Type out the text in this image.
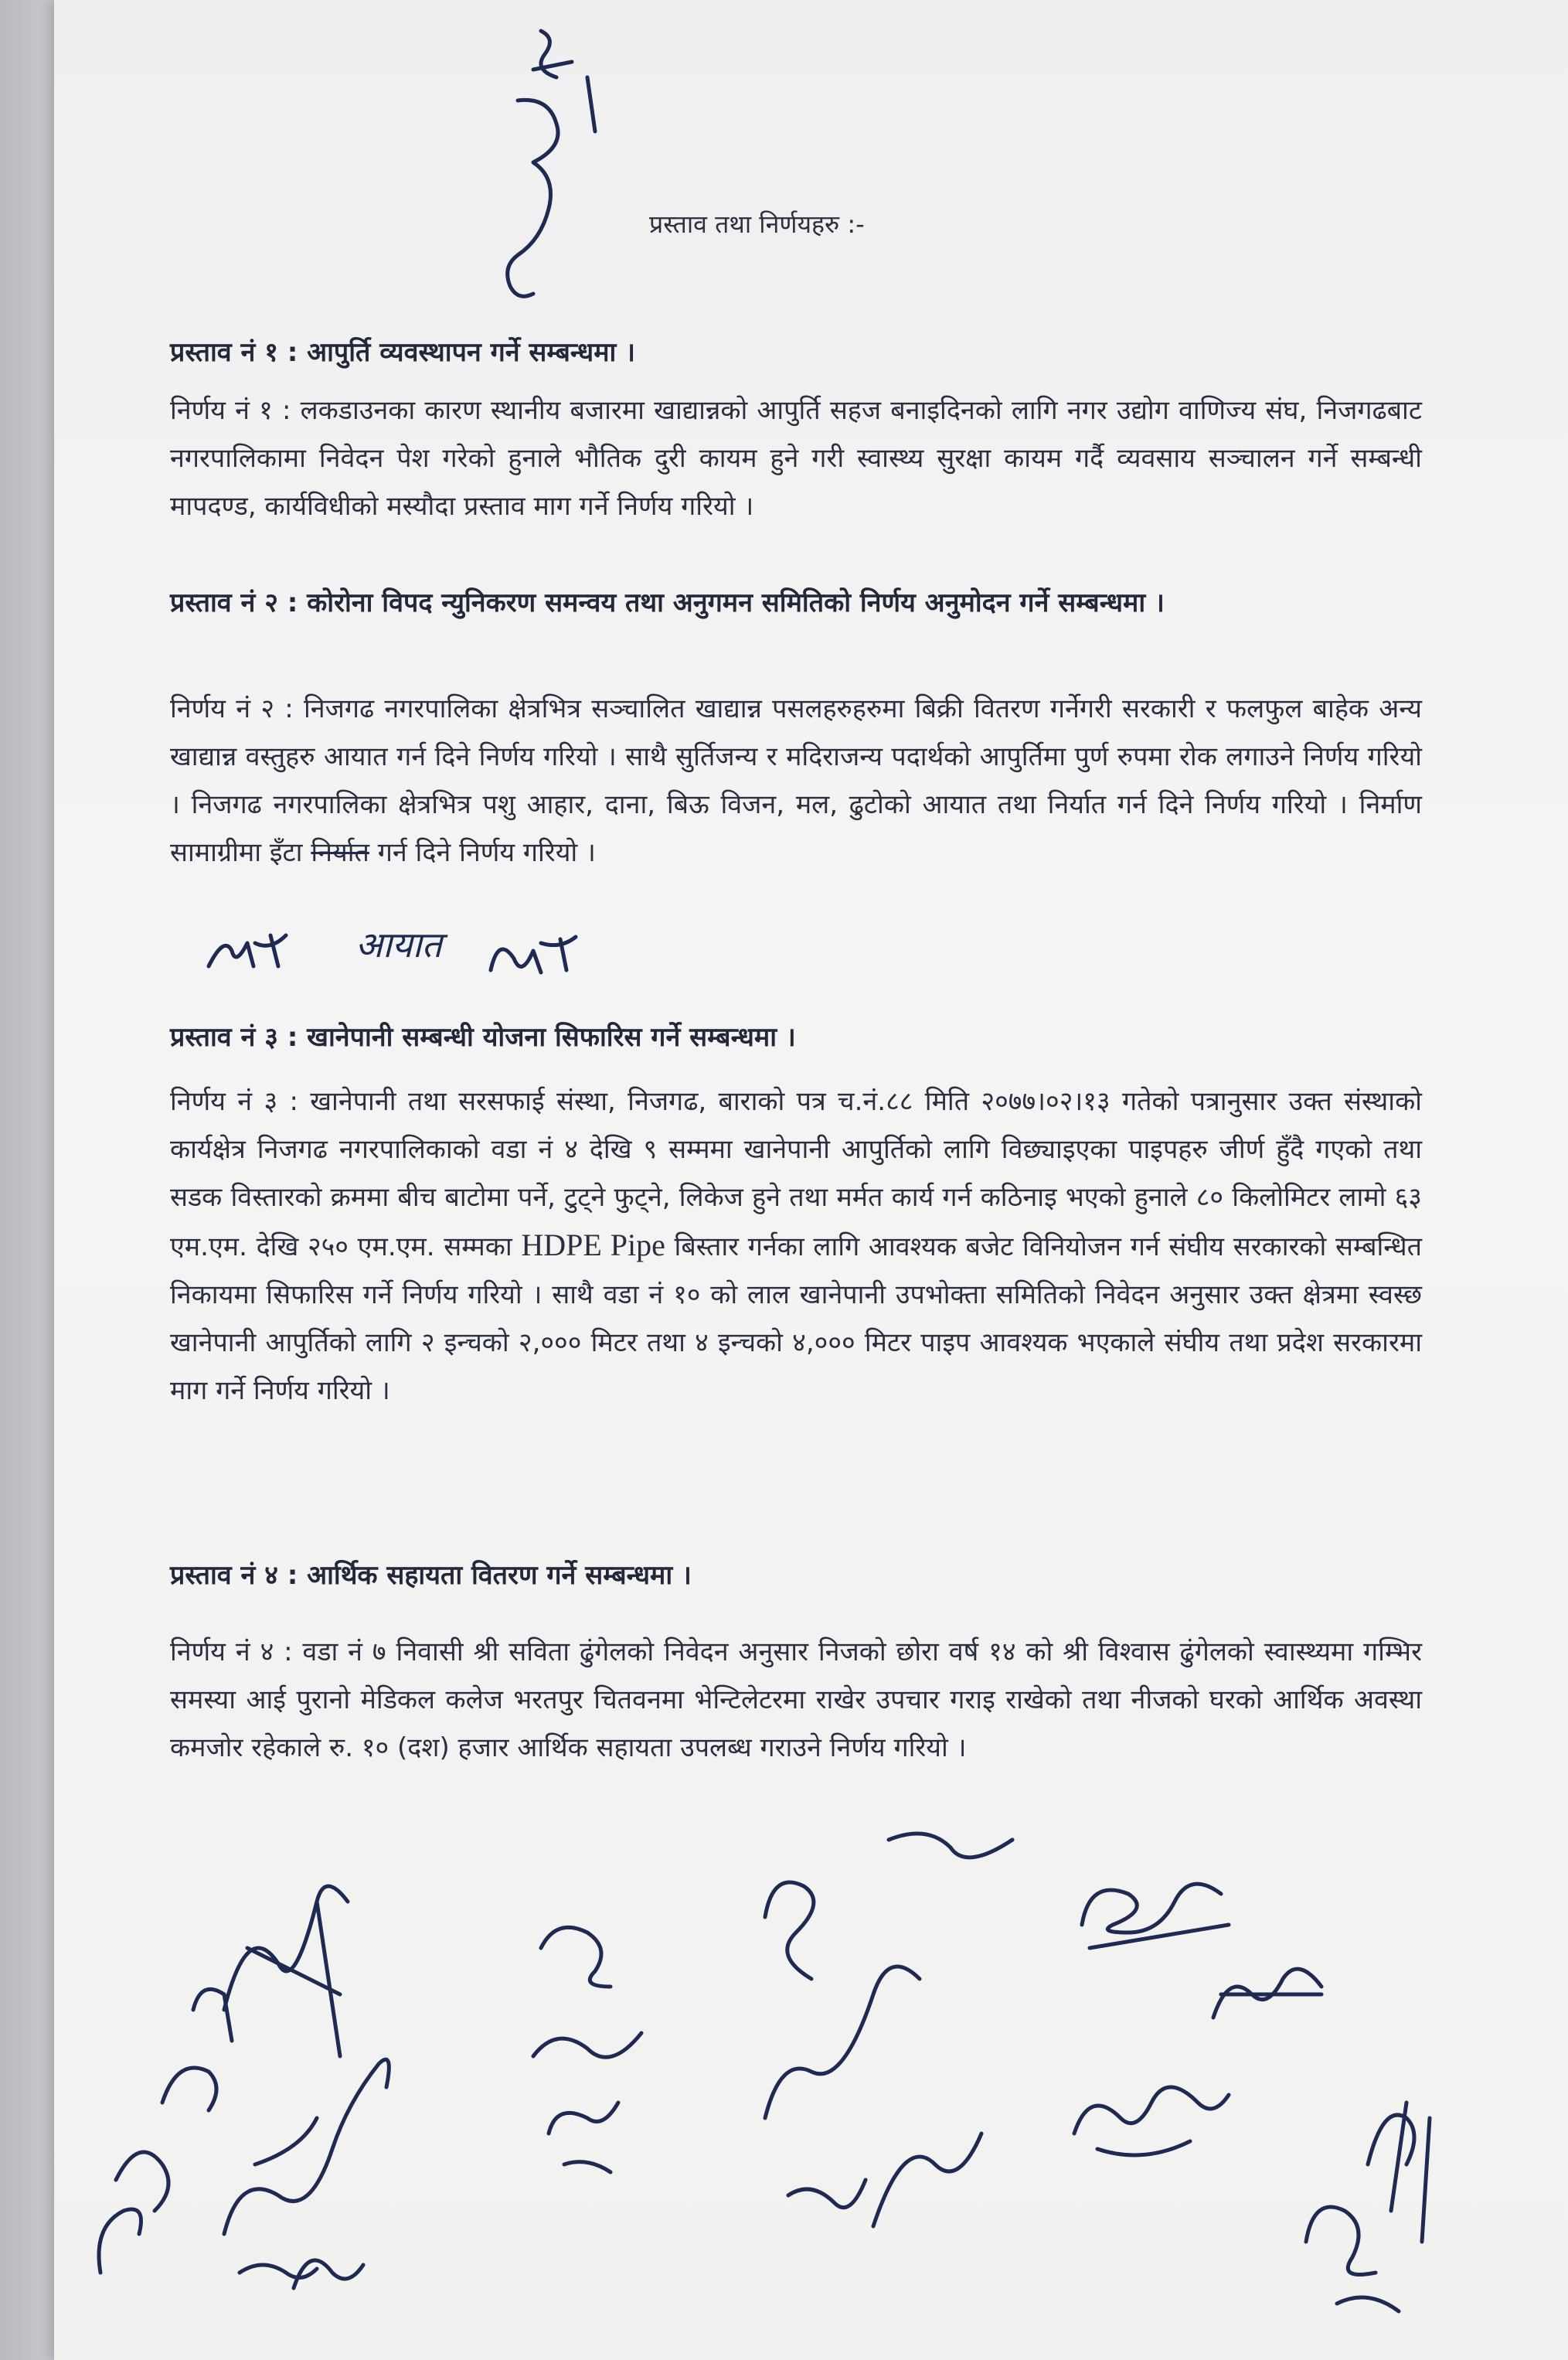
प्रस्ताव तथा निर्णयहरु :-
प्रस्ताव नं १ : आपुर्ति व्यवस्थापन गर्ने सम्बन्धमा ।
निर्णय नं १ : लकडाउनका कारण स्थानीय बजारमा खाद्यान्नको आपुर्ति सहज बनाइदिनको लागि नगर उद्योग वाणिज्य संघ, निजगढबाट नगरपालिकामा निवेदन पेश गरेको हुनाले भौतिक दुरी कायम हुने गरी स्वास्थ्य सुरक्षा कायम गर्दै व्यवसाय सञ्चालन गर्ने सम्बन्धी मापदण्ड, कार्यविधीको मस्यौदा प्रस्ताव माग गर्ने निर्णय गरियो ।
प्रस्ताव नं २ : कोरोना विपद न्युनिकरण समन्वय तथा अनुगमन समितिको निर्णय अनुमोदन गर्ने सम्बन्धमा ।
निर्णय नं २ : निजगढ नगरपालिका क्षेत्रभित्र सञ्चालित खाद्यान्न पसलहरुहरुमा बिक्री वितरण गर्नेगरी सरकारी र फलफुल बाहेक अन्य खाद्यान्न वस्तुहरु आयात गर्न दिने निर्णय गरियो । साथै सुर्तिजन्य र मदिराजन्य पदार्थको आपुर्तिमा पुर्ण रुपमा रोक लगाउने निर्णय गरियो । निजगढ नगरपालिका क्षेत्रभित्र पशु आहार, दाना, बिऊ विजन, मल, ढुटोको आयात तथा निर्यात गर्न दिने निर्णय गरियो । निर्माण सामाग्रीमा इँटा निर्यात गर्न दिने निर्णय गरियो ।
आयात
प्रस्ताव नं ३ : खानेपानी सम्बन्धी योजना सिफारिस गर्ने सम्बन्धमा ।
निर्णय नं ३ : खानेपानी तथा सरसफाई संस्था, निजगढ, बाराको पत्र च.नं.८८ मिति २०७७।०२।१३ गतेको पत्रानुसार उक्त संस्थाको कार्यक्षेत्र निजगढ नगरपालिकाको वडा नं ४ देखि ९ सम्ममा खानेपानी आपुर्तिको लागि विछ्याइएका पाइपहरु जीर्ण हुँदै गएको तथा सडक विस्तारको क्रममा बीच बाटोमा पर्ने, टुट्ने फुट्ने, लिकेज हुने तथा मर्मत कार्य गर्न कठिनाइ भएको हुनाले ८० किलोमिटर लामो ६३ एम.एम. देखि २५० एम.एम. सम्मका HDPE Pipe बिस्तार गर्नका लागि आवश्यक बजेट विनियोजन गर्न संघीय सरकारको सम्बन्धित निकायमा सिफारिस गर्ने निर्णय गरियो । साथै वडा नं १० को लाल खानेपानी उपभोक्ता समितिको निवेदन अनुसार उक्त क्षेत्रमा स्वस्छ खानेपानी आपुर्तिको लागि २ इन्चको २,००० मिटर तथा ४ इन्चको ४,००० मिटर पाइप आवश्यक भएकाले संघीय तथा प्रदेश सरकारमा माग गर्ने निर्णय गरियो ।
प्रस्ताव नं ४ : आर्थिक सहायता वितरण गर्ने सम्बन्धमा ।
निर्णय नं ४ : वडा नं ७ निवासी श्री सविता ढुंगेलको निवेदन अनुसार निजको छोरा वर्ष १४ को श्री विश्वास ढुंगेलको स्वास्थ्यमा गम्भिर समस्या आई पुरानो मेडिकल कलेज भरतपुर चितवनमा भेन्टिलेटरमा राखेर उपचार गराइ राखेको तथा नीजको घरको आर्थिक अवस्था कमजोर रहेकाले रु. १० (दश) हजार आर्थिक सहायता उपलब्ध गराउने निर्णय गरियो ।
